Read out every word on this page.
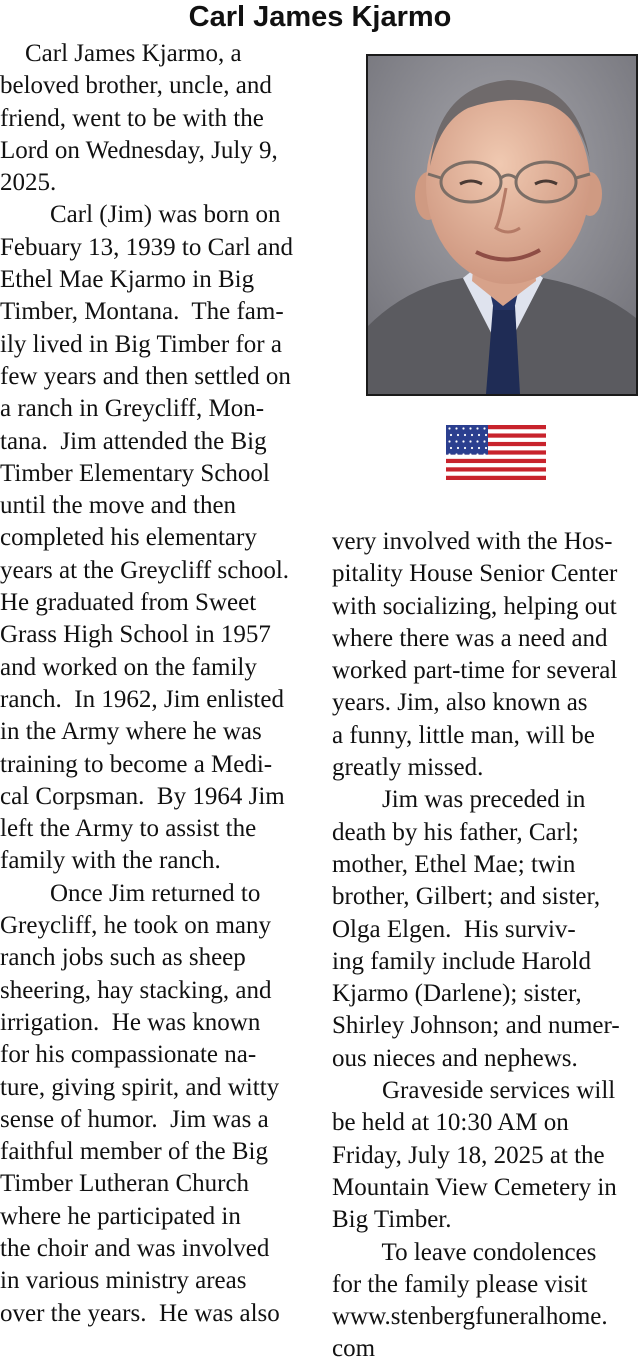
Carl James Kjarmo
Carl James Kjarmo, a
beloved brother, uncle, and
friend, went to be with the
Lord on Wednesday, July 9,
2025.
Carl (Jim) was born on
Febuary 13, 1939 to Carl and
Ethel Mae Kjarmo in Big
Timber, Montana.  The fam-
ily lived in Big Timber for a
few years and then settled on
a ranch in Greycliff, Mon-
tana.  Jim attended the Big
Timber Elementary School
until the move and then
completed his elementary
years at the Greycliff school.
He graduated from Sweet
Grass High School in 1957
and worked on the family
ranch.  In 1962, Jim enlisted
in the Army where he was
training to become a Medi-
cal Corpsman.  By 1964 Jim
left the Army to assist the
family with the ranch.
Once Jim returned to
Greycliff, he took on many
ranch jobs such as sheep
sheering, hay stacking, and
irrigation.  He was known
for his compassionate na-
ture, giving spirit, and witty
sense of humor.  Jim was a
faithful member of the Big
Timber Lutheran Church
where he participated in
the choir and was involved
in various ministry areas
over the years.  He was also
very involved with the Hos-
pitality House Senior Center
with socializing, helping out
where there was a need and
worked part-time for several
years. Jim, also known as
a funny, little man, will be
greatly missed.
Jim was preceded in
death by his father, Carl;
mother, Ethel Mae; twin
brother, Gilbert; and sister,
Olga Elgen.  His surviv-
ing family include Harold
Kjarmo (Darlene); sister,
Shirley Johnson; and numer-
ous nieces and nephews.
Graveside services will
be held at 10:30 AM on
Friday, July 18, 2025 at the
Mountain View Cemetery in
Big Timber.
To leave condolences
for the family please visit
www.stenbergfuneralhome.
com
